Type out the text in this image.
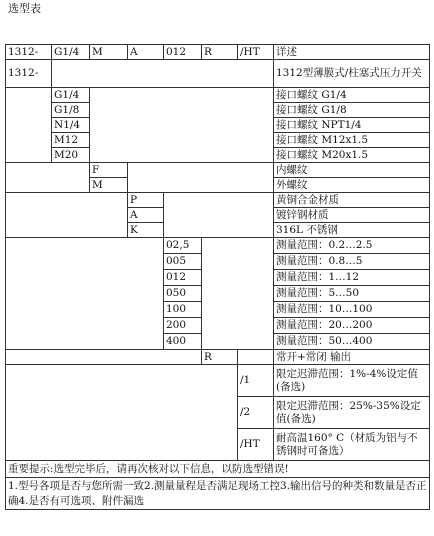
选型表
1312-	G1/4	M	A	012	R	/HT	详述
1312-							1312型薄膜式/柱塞式压力开关
	G1/4						接口螺纹 G1/4
	G1/8						接口螺纹 G1/8
	N1/4						接口螺纹 NPT1/4
	M12						接口螺纹 M12x1.5
	M20						接口螺纹 M20x1.5
		F					内螺纹
		M					外螺纹
			P				黄铜合金材质
			A				镀锌钢材质
			K				316L 不锈钢
				02,5			测量范围：0.2…2.5
				005			测量范围：0.8…5
				012			测量范围：1…12
				050			测量范围：5…50
				100			测量范围：10…100
				200			测量范围：20…200
				400			测量范围：50…400
					R		常开+常闭 输出
						/1	限定迟滞范围：1%-4%设定值(备选)
						/2	限定迟滞范围：25%-35%设定值(备选)
						/HT	耐高温160° C（材质为铝与不锈钢时可备选）
重要提示:选型完毕后，请再次核对以下信息，以防选型错误!							
1.型号各项是否与您所需一致2.测量量程是否满足现场工控3.输出信号的种类和数量是否正确4.是否有可选项、附件漏选							
